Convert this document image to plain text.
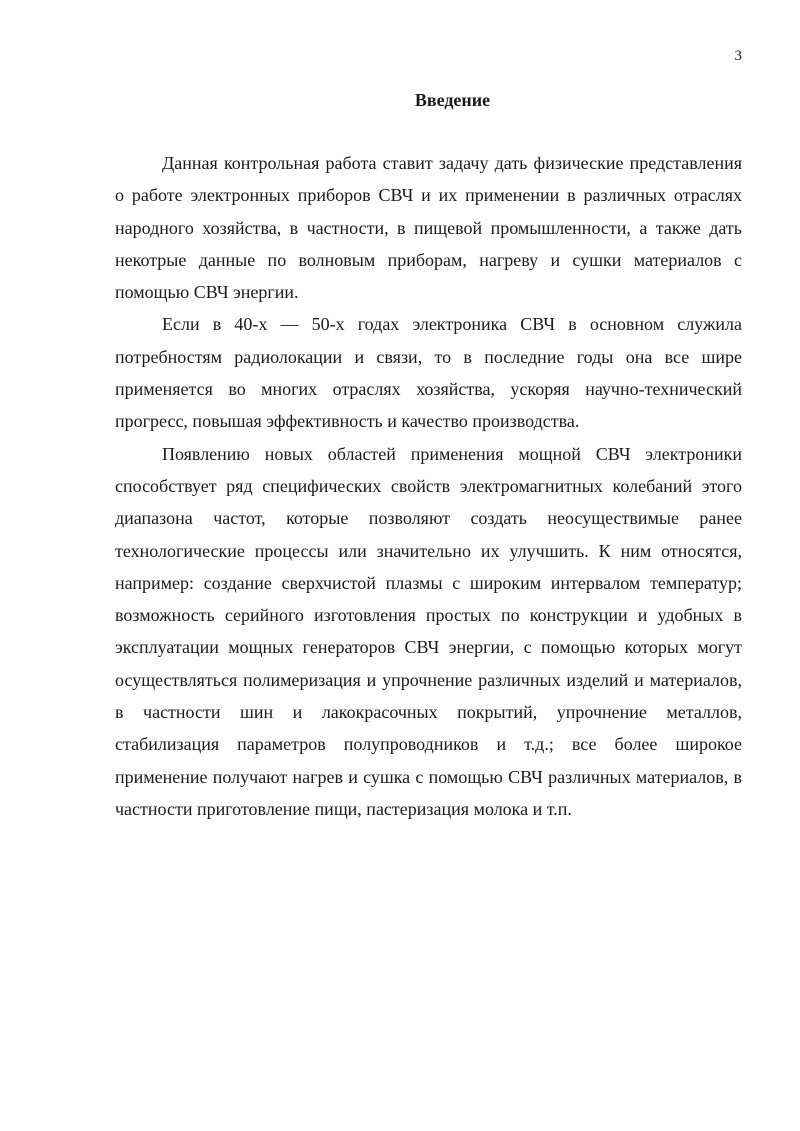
3
Введение

Данная контрольная работа ставит задачу дать физические представления о работе электронных приборов СВЧ и их применении в различных отраслях народного хозяйства, в частности, в пищевой промышленности, а также дать некотрые данные по волновым приборам, нагреву и сушки материалов с помощью СВЧ энергии.

Если в 40-х — 50-х годах электроника СВЧ в основном служила потребностям радиолокации и связи, то в последние годы она все шире применяется во многих отраслях хозяйства, ускоряя научно-технический прогресс, повышая эффективность и качество производства.

Появлению новых областей применения мощной СВЧ электроники способствует ряд специфических свойств электромагнитных колебаний этого диапазона частот, которые позволяют создать неосуществимые ранее технологические процессы или значительно их улучшить. К ним относятся, например: создание сверхчистой плазмы с широким интервалом температур; возможность серийного изготовления простых по конструкции и удобных в эксплуатации мощных генераторов СВЧ энергии, с помощью которых могут осуществляться полимеризация и упрочнение различных изделий и материалов, в частности шин и лакокрасочных покрытий, упрочнение металлов, стабилизация параметров полупроводников и т.д.; все более широкое применение получают нагрев и сушка с помощью СВЧ различных материалов, в частности приготовление пищи, пастеризация молока и т.п.
